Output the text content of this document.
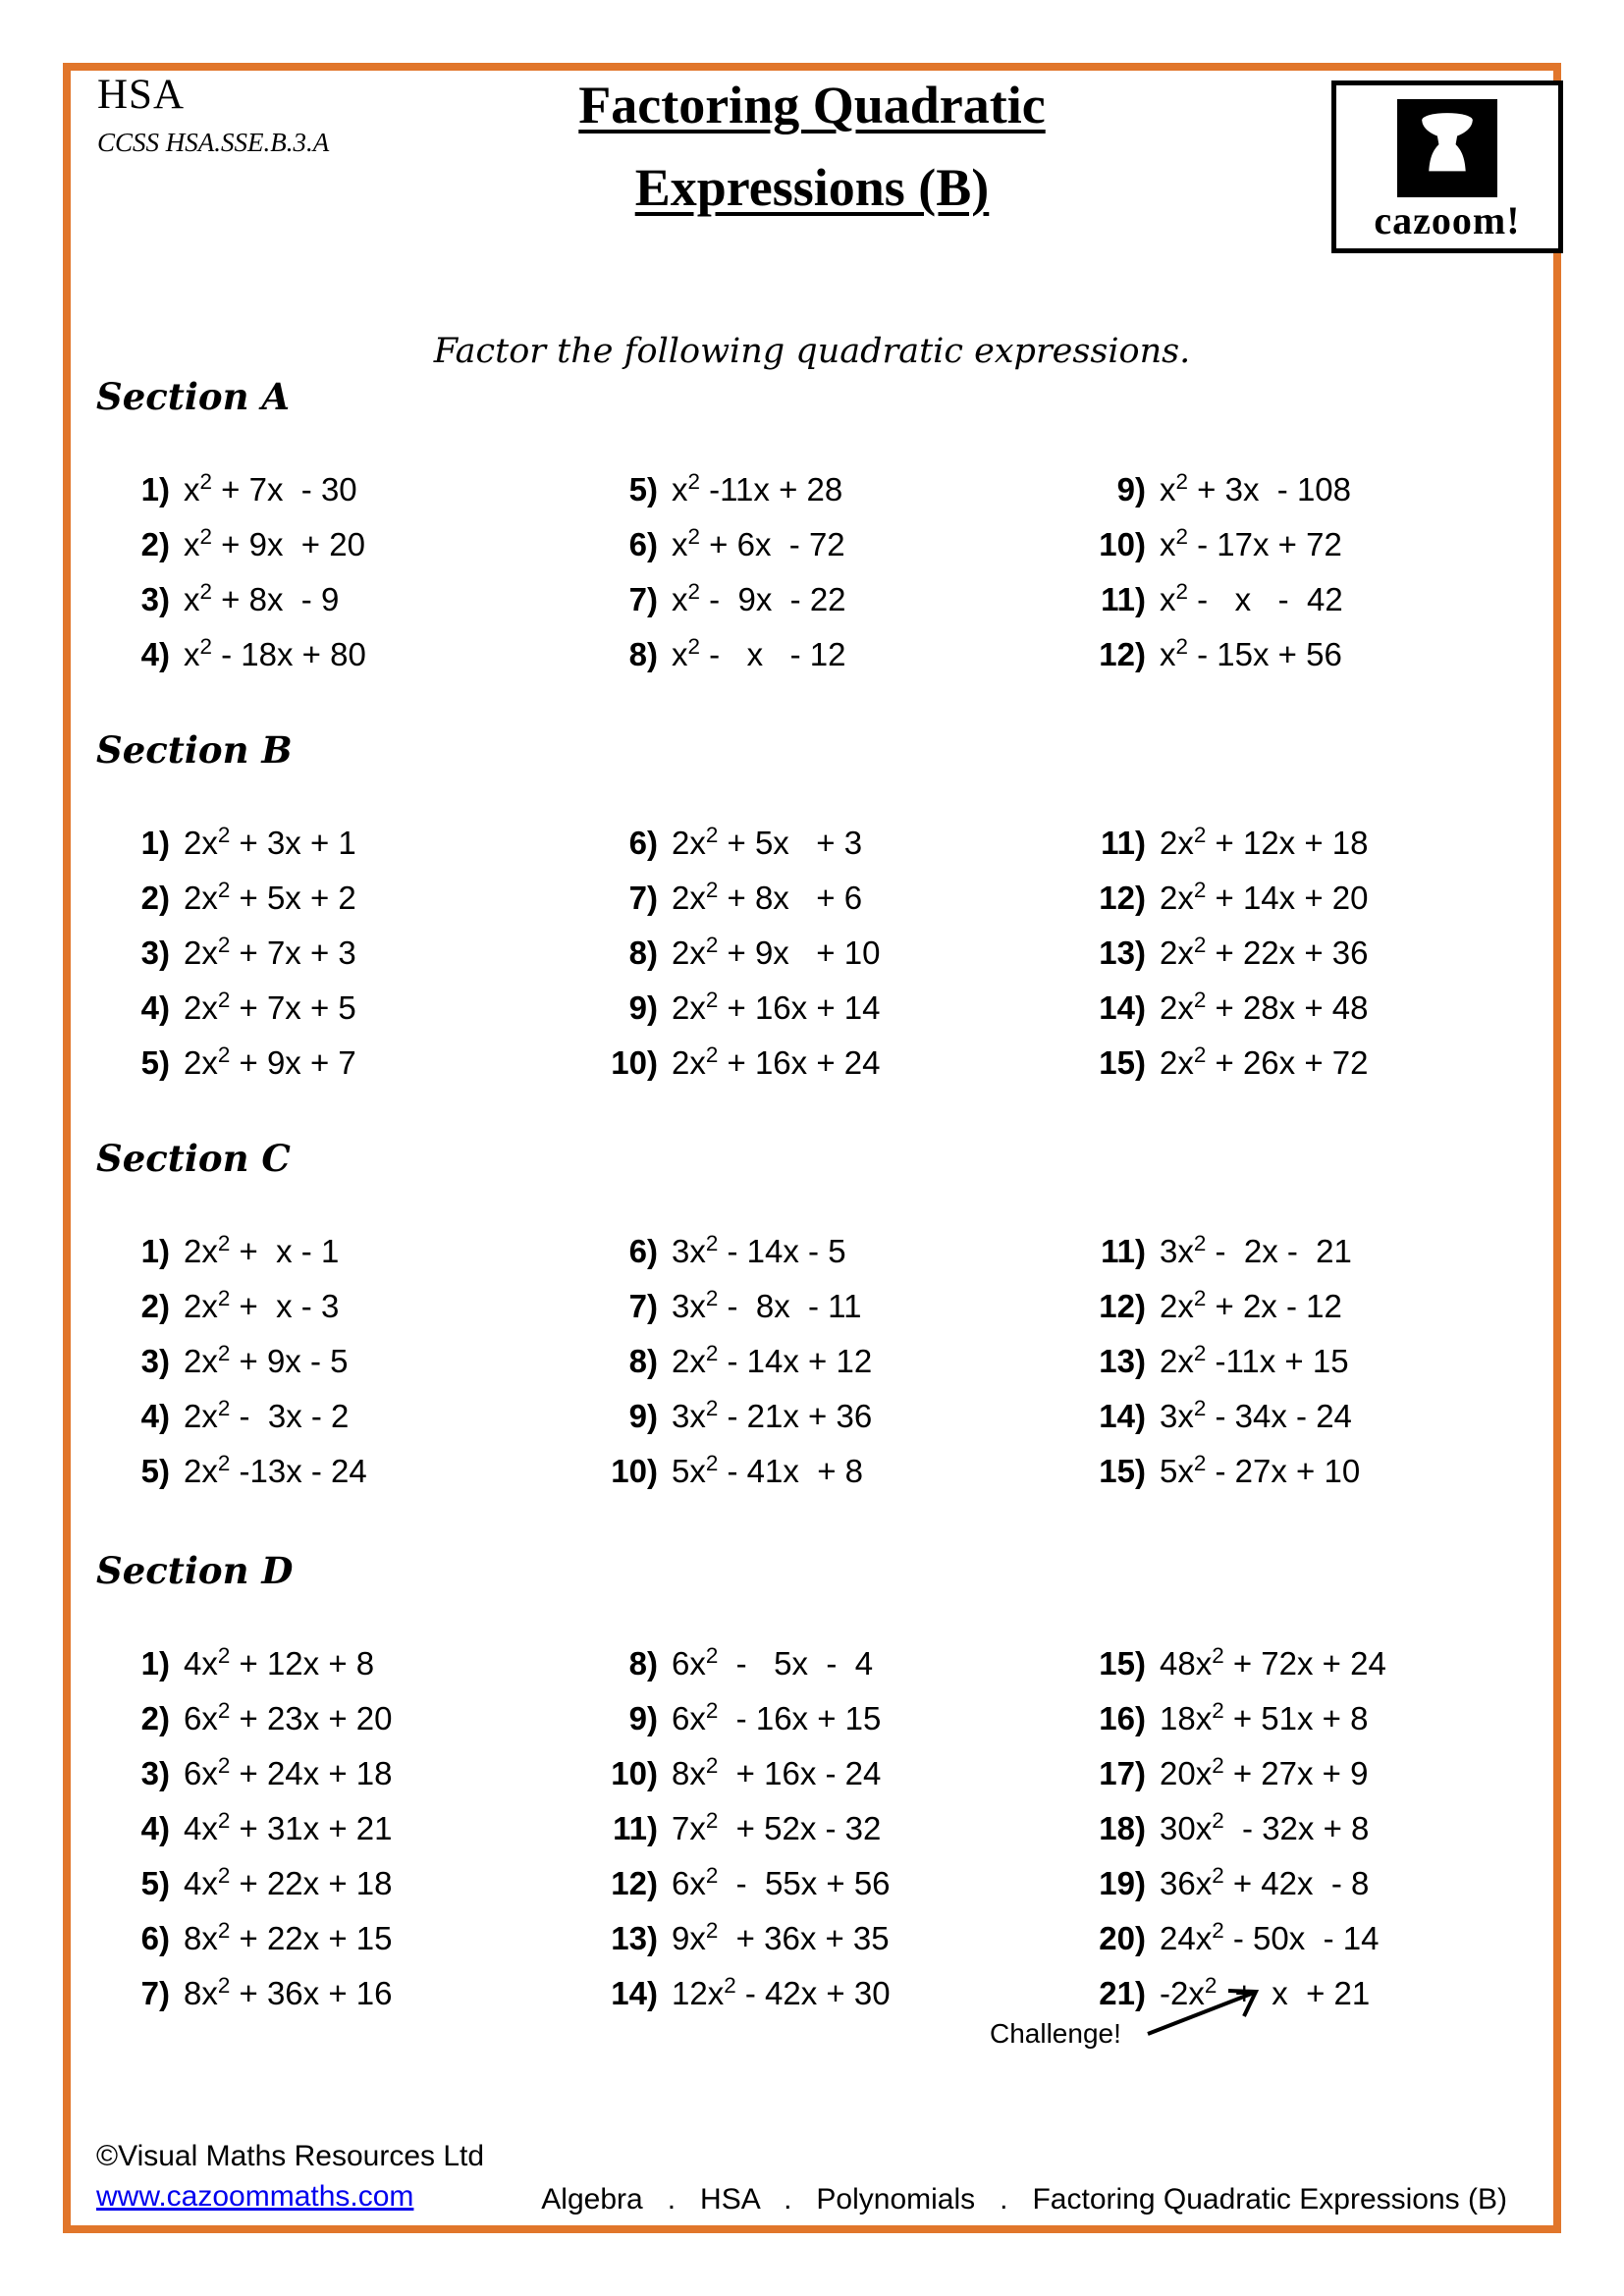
HSA
CCSS HSA.SSE.B.3.A
Factoring Quadratic
Expressions (B)
cazoom!
Factor the following quadratic expressions.
Section A
1) $x^2 + 7x - 30$
2) $x^2 + 9x + 20$
3) $x^2 + 8x - 9$
4) $x^2 - 18x + 80$
5) $x^2$ -11x + 28
6) $x^2 + 6x - 72$
7) $x^2 - 9x - 22$
8) $x^2$ -   x   - 12
9) $x^2 + 3x - 108$
10) $x^2 - 17x + 72$
11) $x^2$ -   x   -  42
12) $x^2 - 15x + 56$
Section B
1) $2x^2 + 3x + 1$
2) $2x^2 + 5x + 2$
3) $2x^2 + 7x + 3$
4) $2x^2 + 7x + 5$
5) $2x^2 + 9x + 7$
6) $2x^2 + 5x + 3$
7) $2x^2 + 8x + 6$
8) $2x^2 + 9x + 10$
9) $2x^2 + 16x + 14$
10) $2x^2 + 16x + 24$
11) $2x^2 + 12x + 18$
12) $2x^2 + 14x + 20$
13) $2x^2 + 22x + 36$
14) $2x^2 + 28x + 48$
15) $2x^2 + 26x + 72$
Section C
1) $2x^2 + x - 1$
2) $2x^2 + x - 3$
3) $2x^2 + 9x - 5$
4) $2x^2 - 3x - 2$
5) $2x^2$ -13x - 24
6) $3x^2 - 14x - 5$
7) $3x^2 - 8x - 11$
8) $2x^2 - 14x + 12$
9) $3x^2 - 21x + 36$
10) $5x^2 - 41x + 8$
11) $3x^2 - 2x - 21$
12) $2x^2 + 2x - 12$
13) $2x^2$ -11x + 15
14) $3x^2 - 34x - 24$
15) $5x^2 - 27x + 10$
Section D
1) $4x^2 + 12x + 8$
2) $6x^2 + 23x + 20$
3) $6x^2 + 24x + 18$
4) $4x^2 + 31x + 21$
5) $4x^2 + 22x + 18$
6) $8x^2 + 22x + 15$
7) $8x^2 + 36x + 16$
8) $6x^2 - 5x - 4$
9) $6x^2 - 16x + 15$
10) $8x^2 + 16x - 24$
11) $7x^2 + 52x - 32$
12) $6x^2 - 55x + 56$
13) $9x^2 + 36x + 35$
14) $12x^2 - 42x + 30$
15) $48x^2 + 72x + 24$
16) $18x^2 + 51x + 8$
17) $20x^2 + 27x + 9$
18) $30x^2 - 32x + 8$
19) $36x^2 + 42x - 8$
20) $24x^2 - 50x - 14$
21) $-2x^2 + x + 21$
Challenge!
©Visual Maths Resources Ltd
www.cazoommaths.com	Algebra   .   HSA   .   Polynomials   .   Factoring Quadratic Expressions (B)
